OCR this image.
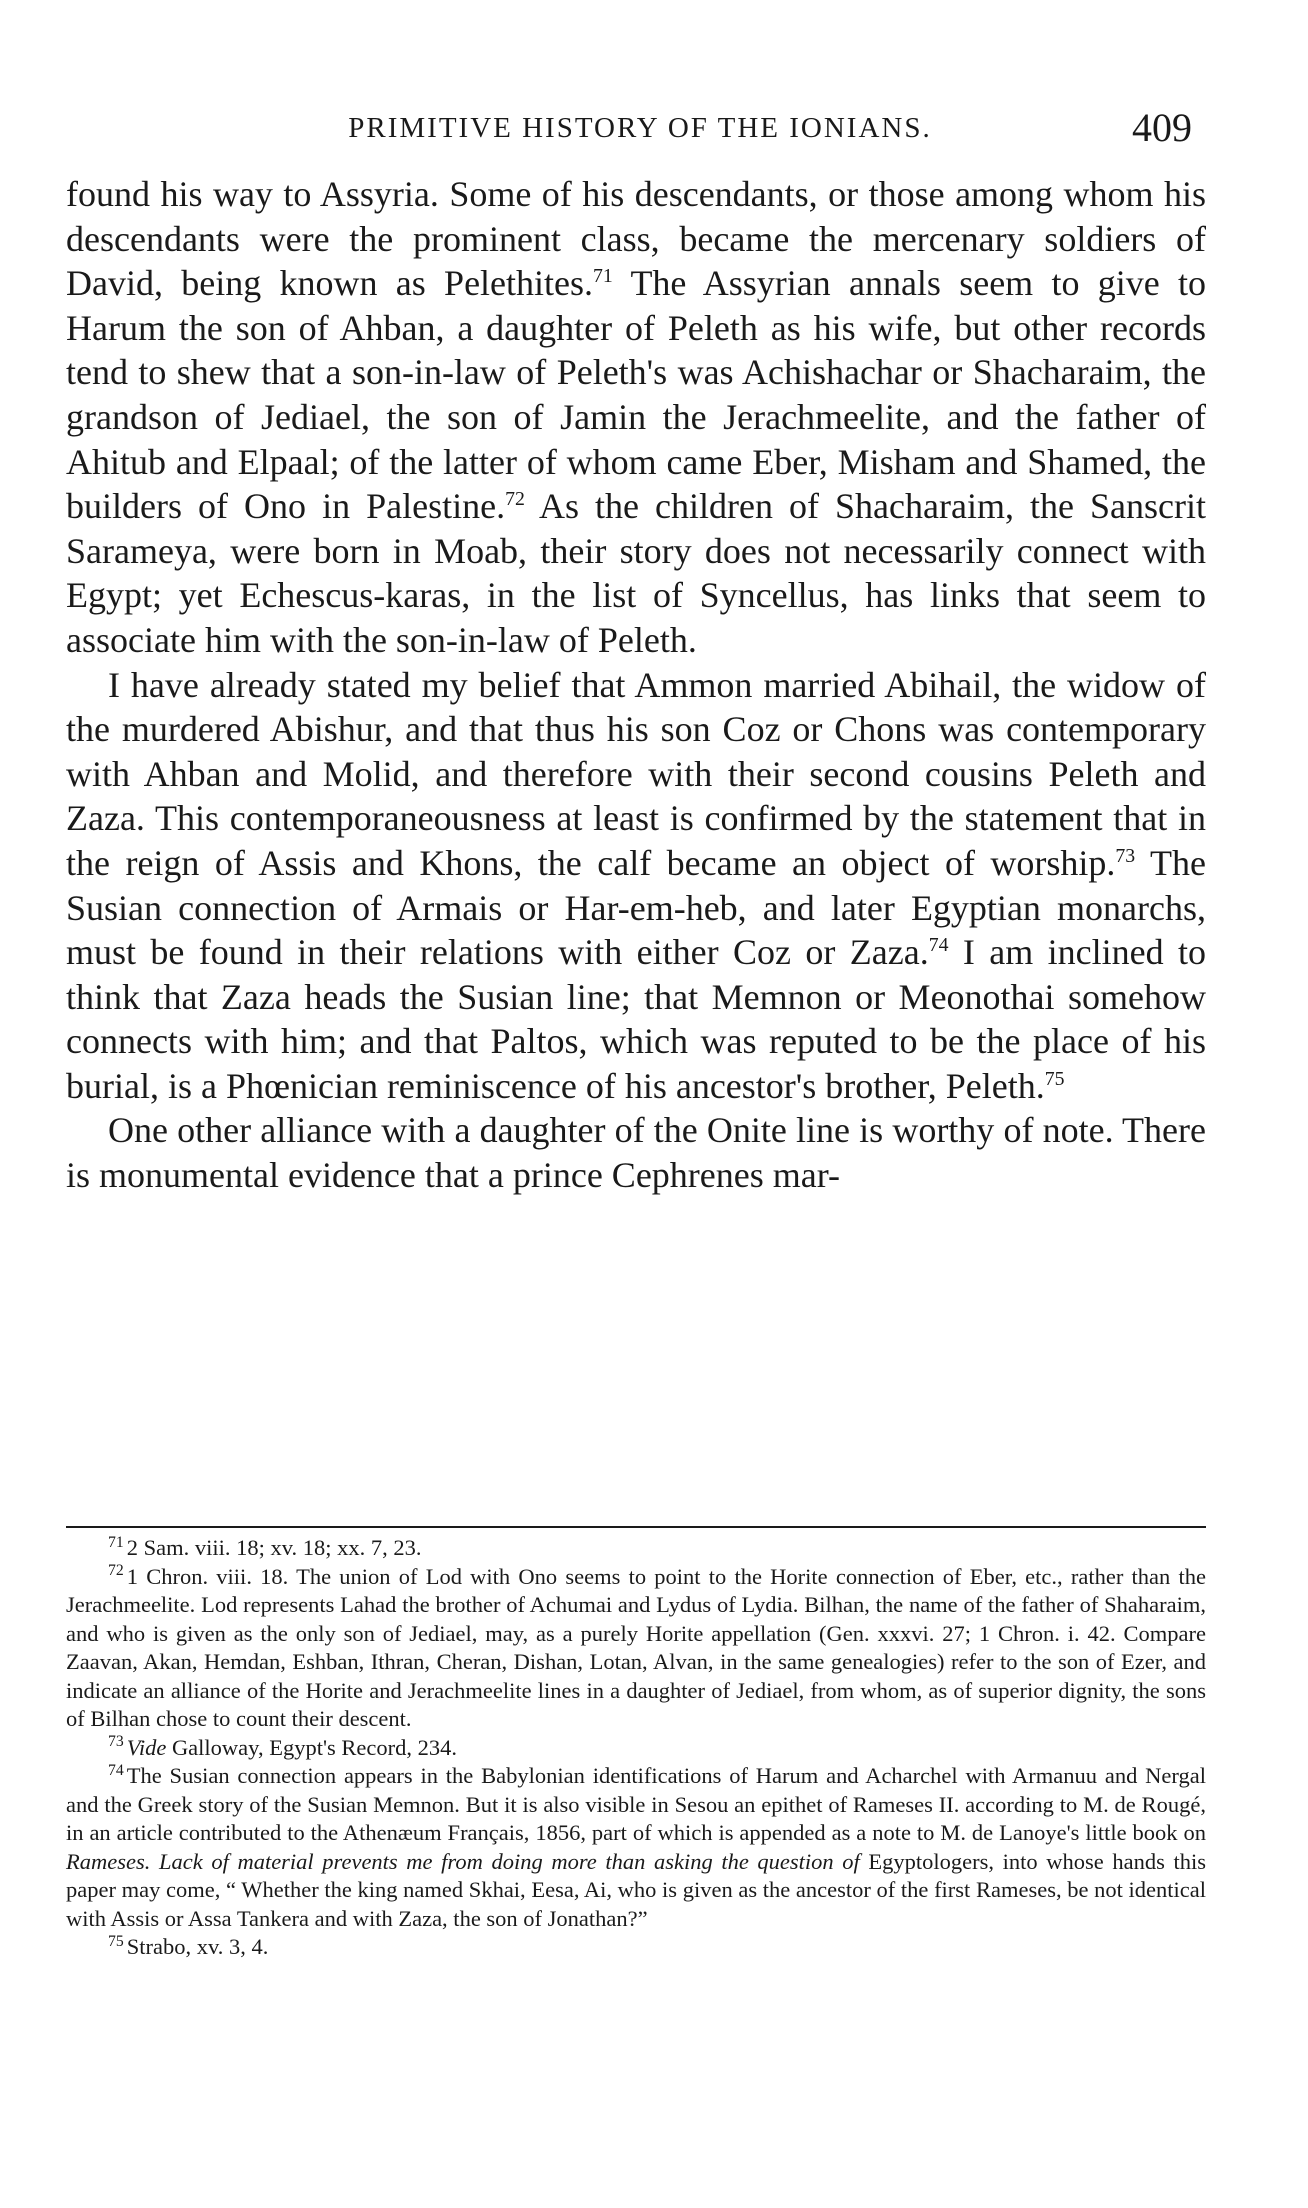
PRIMITIVE HISTORY OF THE IONIANS.	409

found his way to Assyria. Some of his descendants, or those among whom his descendants were the prominent class, became the mercenary soldiers of David, being known as Pelethites.$^{71}$ The Assyrian annals seem to give to Harum the son of Ahban, a daughter of Peleth as his wife, but other records tend to shew that a son-in-law of Peleth's was Achishachar or Shacharaim, the grandson of Jediael, the son of Jamin the Jerachmeelite, and the father of Ahitub and Elpaal; of the latter of whom came Eber, Misham and Shamed, the builders of Ono in Palestine.$^{72}$ As the children of Shacharaim, the Sanscrit Sarameya, were born in Moab, their story does not necessarily connect with Egypt; yet Echescus-karas, in the list of Syncellus, has links that seem to associate him with the son-in-law of Peleth.

I have already stated my belief that Ammon married Abihail, the widow of the murdered Abishur, and that thus his son Coz or Chons was contemporary with Ahban and Molid, and therefore with their second cousins Peleth and Zaza. This contemporaneousness at least is confirmed by the statement that in the reign of Assis and Khons, the calf became an object of worship.$^{73}$ The Susian connection of Armais or Har-em-heb, and later Egyptian monarchs, must be found in their relations with either Coz or Zaza.$^{74}$ I am inclined to think that Zaza heads the Susian line; that Memnon or Meonothai somehow connects with him; and that Paltos, which was reputed to be the place of his burial, is a Phœnician reminiscence of his ancestor's brother, Peleth.$^{75}$

One other alliance with a daughter of the Onite line is worthy of note. There is monumental evidence that a prince Cephrenes mar-

$^{71}$ 2 Sam. viii. 18; xv. 18; xx. 7, 23.

$^{72}$ 1 Chron. viii. 18. The union of Lod with Ono seems to point to the Horite connection of Eber, etc., rather than the Jerachmeelite. Lod represents Lahad the brother of Achumai and Lydus of Lydia. Bilhan, the name of the father of Shaharaim, and who is given as the only son of Jediael, may, as a purely Horite appellation (Gen. xxxvi. 27; 1 Chron. i. 42. Compare Zaavan, Akan, Hemdan, Eshban, Ithran, Cheran, Dishan, Lotan, Alvan, in the same genealogies) refer to the son of Ezer, and indicate an alliance of the Horite and Jerachmeelite lines in a daughter of Jediael, from whom, as of superior dignity, the sons of Bilhan chose to count their descent.

$^{73}$ Vide Galloway, Egypt's Record, 234.

$^{74}$ The Susian connection appears in the Babylonian identifications of Harum and Acharchel with Armanuu and Nergal and the Greek story of the Susian Memnon. But it is also visible in Sesou an epithet of Rameses II. according to M. de Rougé, in an article contributed to the Athenæum Français, 1856, part of which is appended as a note to M. de Lanoye's little book on Rameses. Lack of material prevents me from doing more than asking the question of Egyptologers, into whose hands this paper may come, “ Whether the king named Skhai, Eesa, Ai, who is given as the ancestor of the first Rameses, be not identical with Assis or Assa Tankera and with Zaza, the son of Jonathan?”

$^{75}$ Strabo, xv. 3, 4.
